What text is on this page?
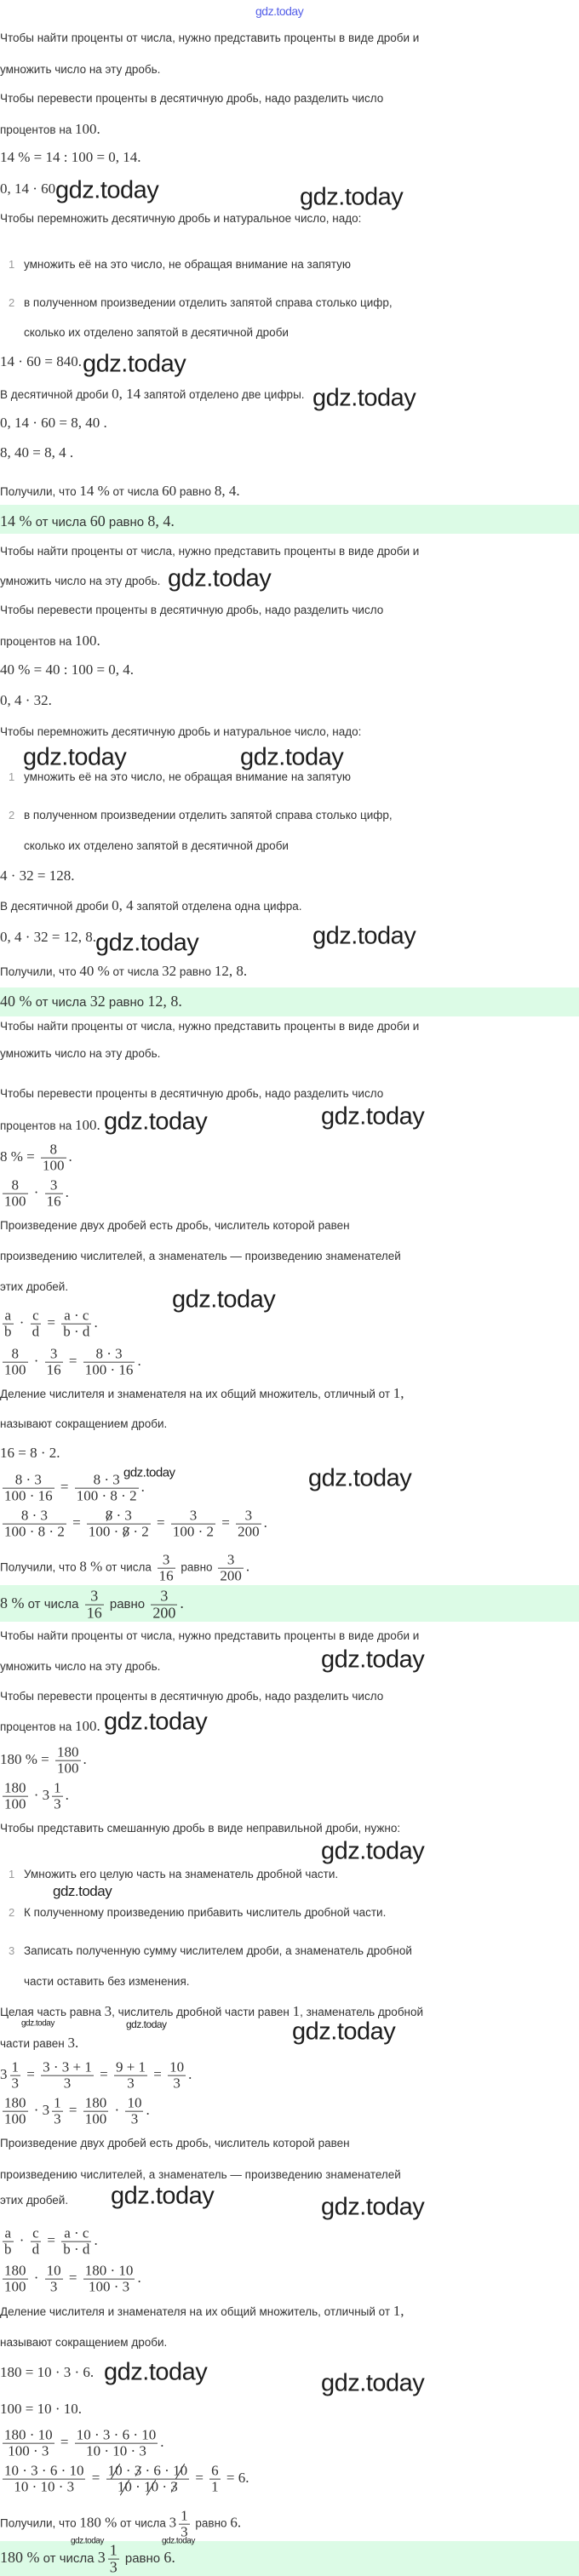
Чтобы найти проценты от числа, нужно представить проценты в виде дроби и
умножить число на эту дробь.
Чтобы перевести проценты в десятичную дробь, надо разделить число
процентов на 100.
14 % = 14 : 100 = 0, 14.
0, 14 · 60.
Чтобы перемножить десятичную дробь и натуральное число, надо:
1 умножить её на это число, не обращая внимание на запятую
2 в полученном произведении отделить запятой справа столько цифр,
сколько их отделено запятой в десятичной дроби
14 · 60 = 840.
В десятичной дроби 0, 14 запятой отделено две цифры.
0, 14 · 60 = 8, 40 .
8, 40 = 8, 4 .
Получили, что 14 % от числа 60 равно 8, 4.
14 % от числа 60 равно 8, 4.
Чтобы найти проценты от числа, нужно представить проценты в виде дроби и
умножить число на эту дробь.
Чтобы перевести проценты в десятичную дробь, надо разделить число
процентов на 100.
40 % = 40 : 100 = 0, 4.
0, 4 · 32.
Чтобы перемножить десятичную дробь и натуральное число, надо:
1 умножить её на это число, не обращая внимание на запятую
2 в полученном произведении отделить запятой справа столько цифр,
сколько их отделено запятой в десятичной дроби
4 · 32 = 128.
В десятичной дроби 0, 4 запятой отделена одна цифра.
0, 4 · 32 = 12, 8.
Получили, что 40 % от числа 32 равно 12, 8.
40 % от числа 32 равно 12, 8.
Чтобы найти проценты от числа, нужно представить проценты в виде дроби и
умножить число на эту дробь.
Чтобы перевести проценты в десятичную дробь, надо разделить число
процентов на 100.
8 % = $\frac{8}{100}$ .
$\frac{8}{100} \cdot \frac{3}{16}$ .
Произведение двух дробей есть дробь, числитель которой равен
произведению числителей, а знаменатель — произведению знаменателей
этих дробей.
$\frac{a}{b} \cdot \frac{c}{d} = \frac{a \cdot c}{b \cdot d}$ .
$\frac{8}{100} \cdot \frac{3}{16} = \frac{8 \cdot 3}{100 \cdot 16}$ .
Деление числителя и знаменателя на их общий множитель, отличный от 1,
называют сокращением дроби.
16 = 8 · 2.
$\frac{8 \cdot 3}{100 \cdot 16} = \frac{8 \cdot 3}{100 \cdot 8 \cdot 2}$ .
$\frac{8 \cdot 3}{100 \cdot 8 \cdot 2} = \frac{8 \cdot 3}{100 \cdot 8 \cdot 2} = \frac{3}{100 \cdot 2} = \frac{3}{200}$ .
Получили, что 8 % от числа $\frac{3}{16}$ равно $\frac{3}{200}$ .
8 % от числа $\frac{3}{16}$ равно $\frac{3}{200}$ .
Чтобы найти проценты от числа, нужно представить проценты в виде дроби и
умножить число на эту дробь.
Чтобы перевести проценты в десятичную дробь, надо разделить число
процентов на 100.
180 % = $\frac{180}{100}$ .
$\frac{180}{100} \cdot 3 \frac{1}{3}$ .
Чтобы представить смешанную дробь в виде неправильной дроби, нужно:
1 Умножить его целую часть на знаменатель дробной части.
2 К полученному произведению прибавить числитель дробной части.
3 Записать полученную сумму числителем дроби, а знаменатель дробной
части оставить без изменения.
Целая часть равна 3, числитель дробной части равен 1, знаменатель дробной
части равен 3.
$3 \frac{1}{3} = \frac{3 \cdot 3 + 1}{3} = \frac{9 + 1}{3} = \frac{10}{3}$ .
$\frac{180}{100} \cdot 3 \frac{1}{3} = \frac{180}{100} \cdot \frac{10}{3}$ .
Произведение двух дробей есть дробь, числитель которой равен
произведению числителей, а знаменатель — произведению знаменателей
этих дробей.
$\frac{a}{b} \cdot \frac{c}{d} = \frac{a \cdot c}{b \cdot d}$ .
$\frac{180}{100} \cdot \frac{10}{3} = \frac{180 \cdot 10}{100 \cdot 3}$ .
Деление числителя и знаменателя на их общий множитель, отличный от 1,
называют сокращением дроби.
180 = 10 · 3 · 6.
100 = 10 · 10.
$\frac{180 \cdot 10}{100 \cdot 3} = \frac{10 \cdot 3 \cdot 6 \cdot 10}{10 \cdot 10 \cdot 3}$ .
$\frac{10 \cdot 3 \cdot 6 \cdot 10}{10 \cdot 10 \cdot 3} = \frac{10 \cdot 3 \cdot 6 \cdot 10}{10 \cdot 10 \cdot 3} = \frac{6}{1} = 6$.
Получили, что 180 % от числа $3 \frac{1}{3}$ равно 6.
180 % от числа $3 \frac{1}{3}$ равно 6.
gdz.today
gdz.today	gdz.today
gdz.today
gdz.today
gdz.today
gdz.today	gdz.today
gdz.today	gdz.today
gdz.today	gdz.today
gdz.today
gdz.today	gdz.today
gdz.today
gdz.today
gdz.today
gdz.today
gdz.today	gdz.today	gdz.today
gdz.today	gdz.today
gdz.today	gdz.today
gdz.today	gdz.today
